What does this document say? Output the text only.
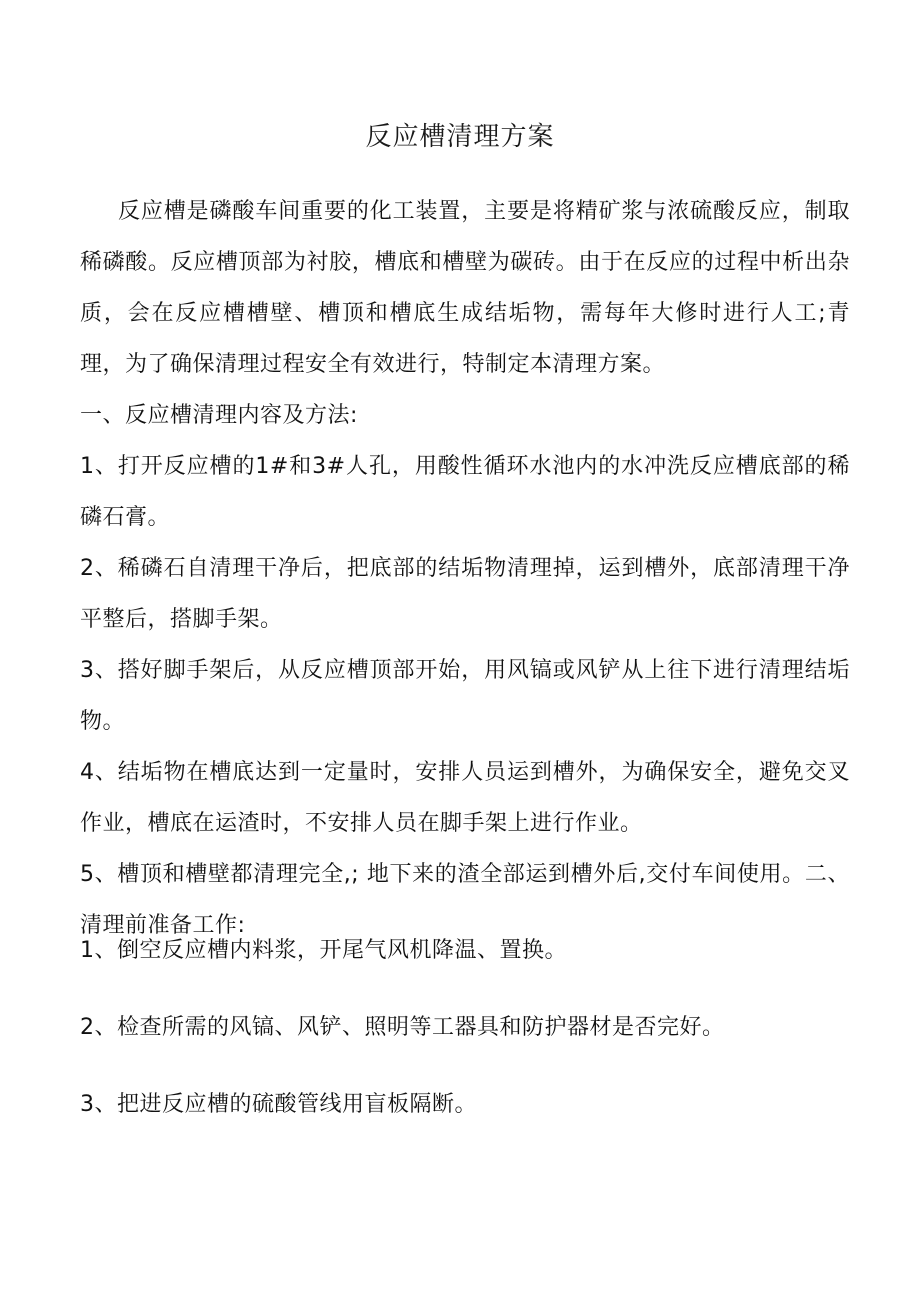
反应槽清理方案

反应槽是磷酸车间重要的化工装置，主要是将精矿浆与浓硫酸反应，制取稀磷酸。反应槽顶部为衬胶，槽底和槽壁为碳砖。由于在反应的过程中析出杂质，会在反应槽槽壁、槽顶和槽底生成结垢物，需每年大修时进行人工;青理，为了确保清理过程安全有效进行，特制定本清理方案。

一、反应槽清理内容及方法:

1、打开反应槽的1#和3#人孔，用酸性循环水池内的水冲洗反应槽底部的稀磷石膏。

2、稀磷石自清理干净后，把底部的结垢物清理掉，运到槽外，底部清理干净平整后，搭脚手架。

3、搭好脚手架后，从反应槽顶部开始，用风镐或风铲从上往下进行清理结垢物。

4、结垢物在槽底达到一定量时，安排人员运到槽外，为确保安全，避免交叉作业，槽底在运渣时，不安排人员在脚手架上进行作业。

5、槽顶和槽壁都清理完全,; 地下来的渣全部运到槽外后,交付车间使用。二、清理前准备工作:

1、倒空反应槽内料浆，开尾气风机降温、置换。

2、检查所需的风镐、风铲、照明等工器具和防护器材是否完好。

3、把进反应槽的硫酸管线用盲板隔断。
